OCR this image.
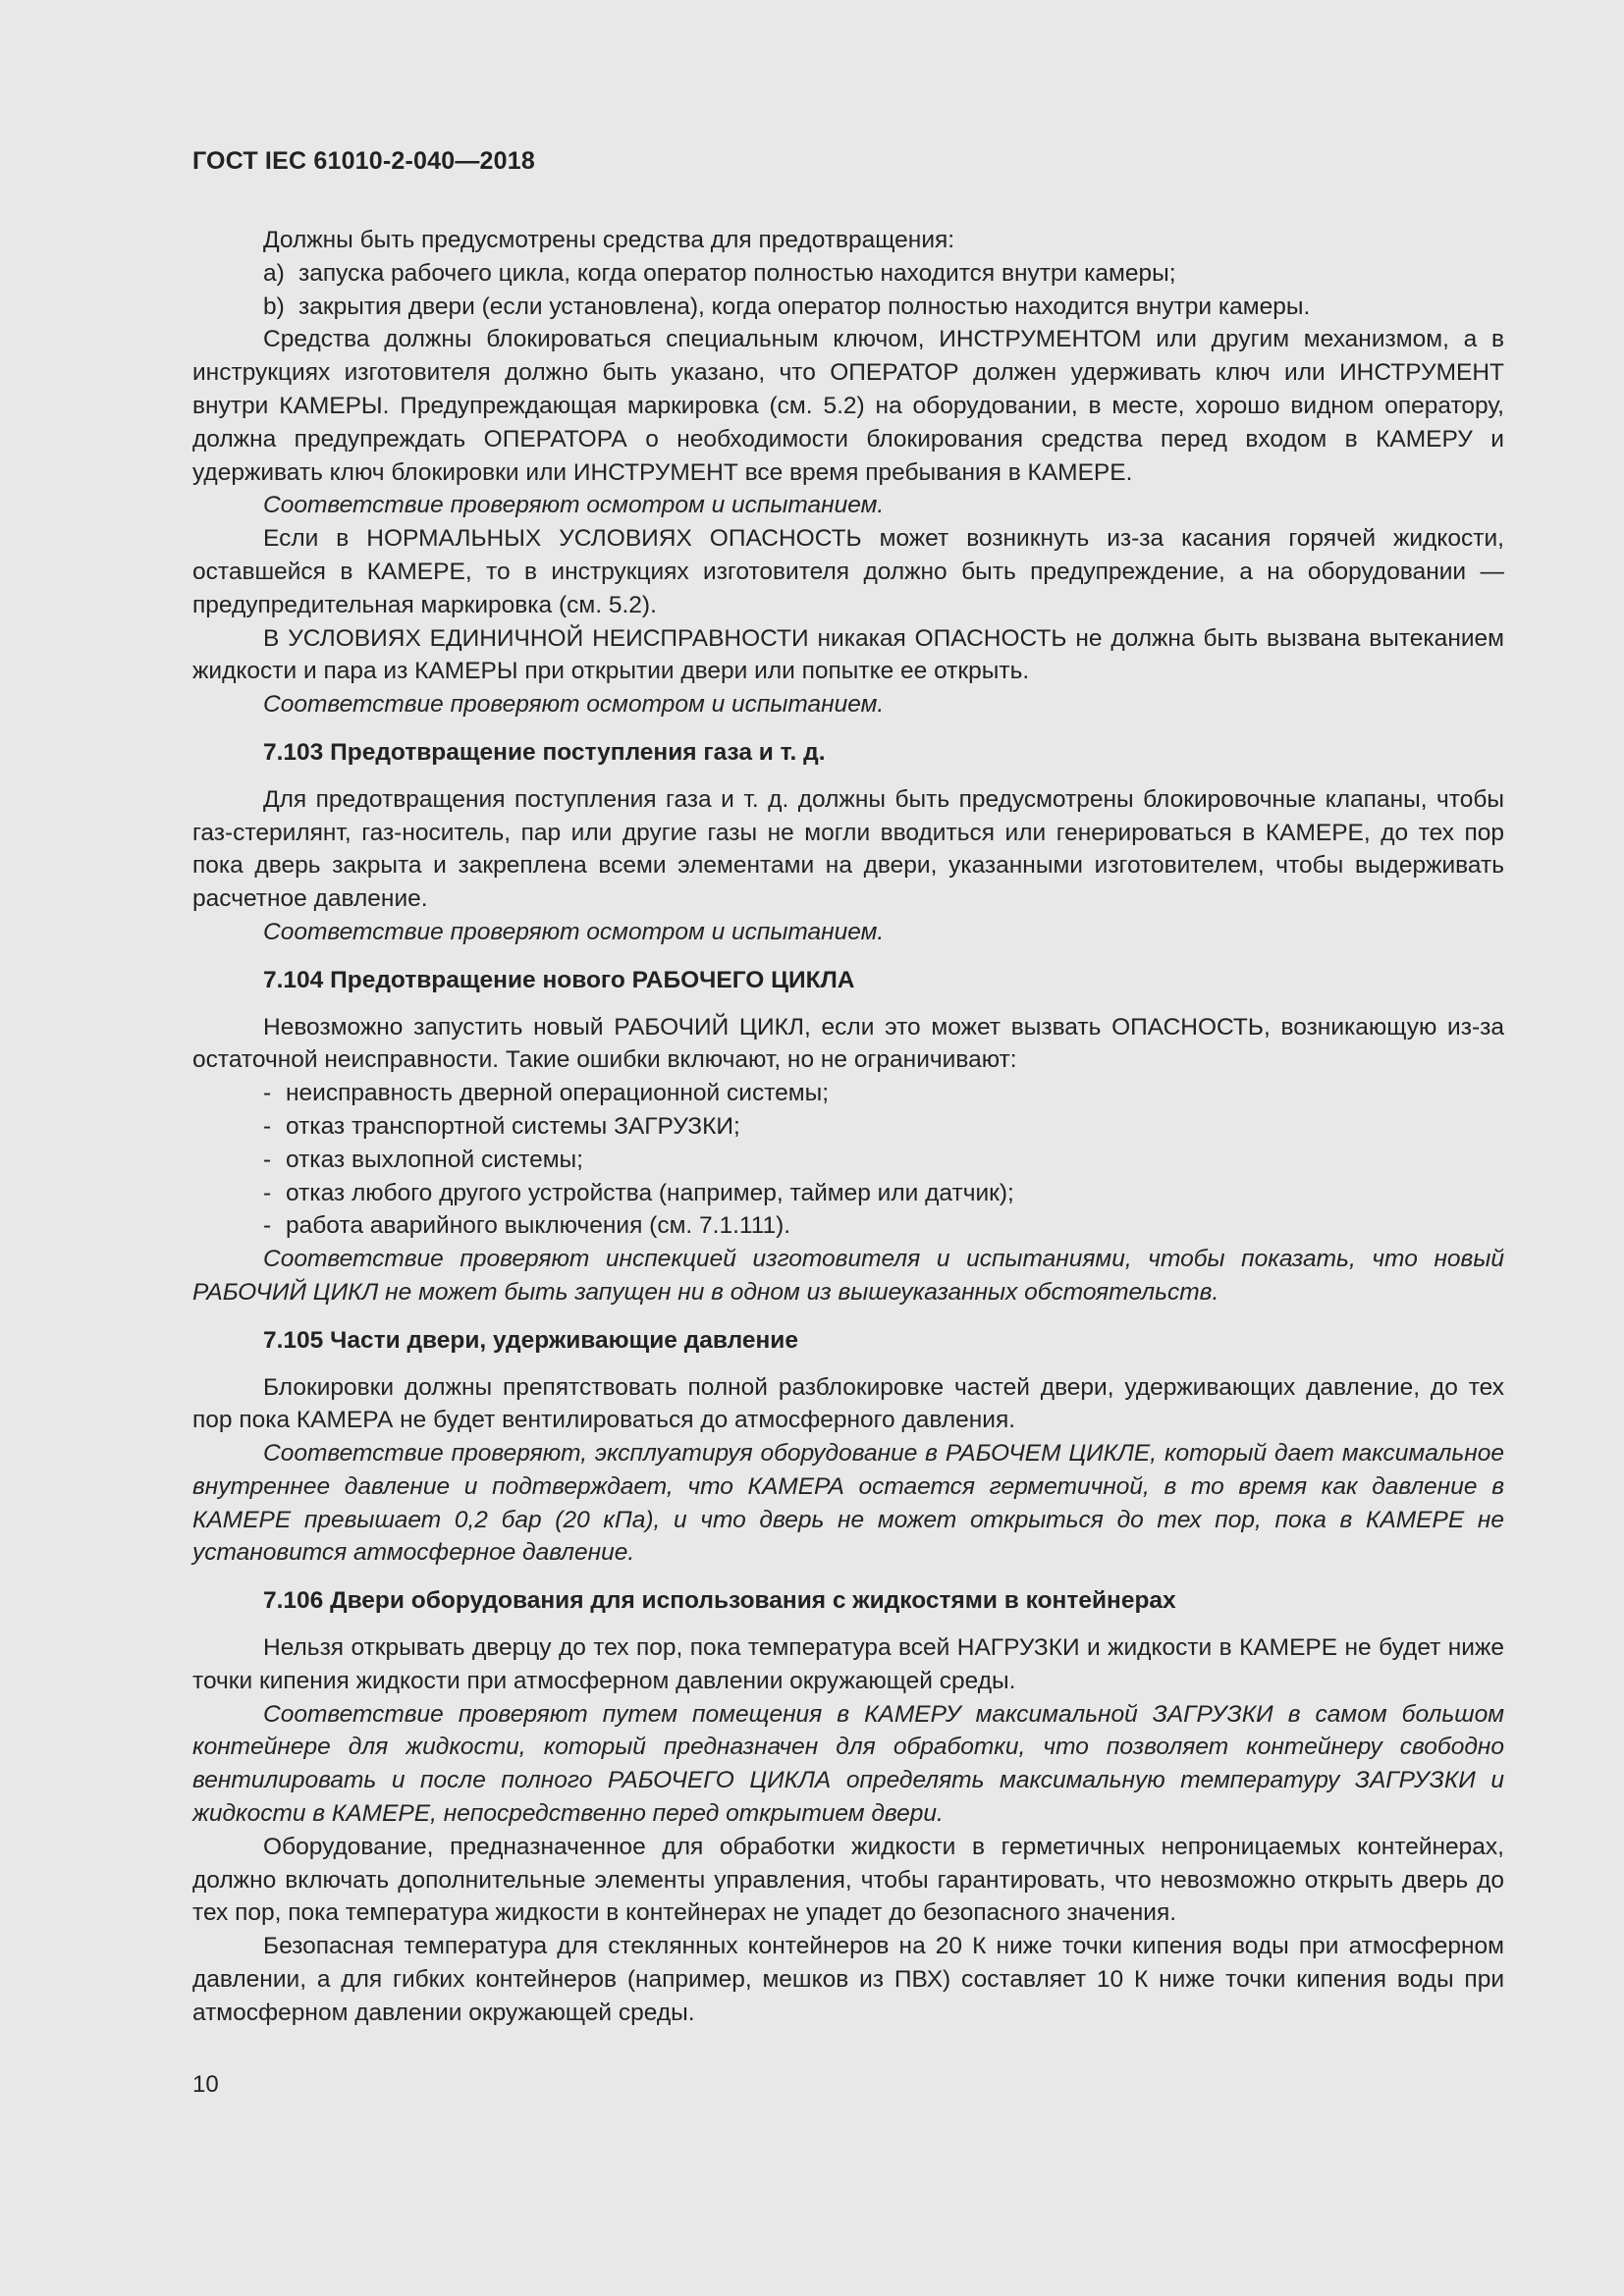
ГОСТ IEC 61010-2-040—2018

Должны быть предусмотрены средства для предотвращения:

a) запуска рабочего цикла, когда оператор полностью находится внутри камеры;
b) закрытия двери (если установлена), когда оператор полностью находится внутри камеры.

Средства должны блокироваться специальным ключом, ИНСТРУМЕНТОМ или другим механизмом, а в инструкциях изготовителя должно быть указано, что ОПЕРАТОР должен удерживать ключ или ИНСТРУМЕНТ внутри КАМЕРЫ. Предупреждающая маркировка (см. 5.2) на оборудовании, в месте, хорошо видном оператору, должна предупреждать ОПЕРАТОРА о необходимости блокирования средства перед входом в КАМЕРУ и удерживать ключ блокировки или ИНСТРУМЕНТ все время пребывания в КАМЕРЕ.

Соответствие проверяют осмотром и испытанием.

Если в НОРМАЛЬНЫХ УСЛОВИЯХ ОПАСНОСТЬ может возникнуть из-за касания горячей жидкости, оставшейся в КАМЕРЕ, то в инструкциях изготовителя должно быть предупреждение, а на оборудовании — предупредительная маркировка (см. 5.2).

В УСЛОВИЯХ ЕДИНИЧНОЙ НЕИСПРАВНОСТИ никакая ОПАСНОСТЬ не должна быть вызвана вытеканием жидкости и пара из КАМЕРЫ при открытии двери или попытке ее открыть.

Соответствие проверяют осмотром и испытанием.

7.103 Предотвращение поступления газа и т. д.

Для предотвращения поступления газа и т. д. должны быть предусмотрены блокировочные клапаны, чтобы газ-стерилянт, газ-носитель, пар или другие газы не могли вводиться или генерироваться в КАМЕРЕ, до тех пор пока дверь закрыта и закреплена всеми элементами на двери, указанными изготовителем, чтобы выдерживать расчетное давление.

Соответствие проверяют осмотром и испытанием.

7.104 Предотвращение нового РАБОЧЕГО ЦИКЛА

Невозможно запустить новый РАБОЧИЙ ЦИКЛ, если это может вызвать ОПАСНОСТЬ, возникающую из-за остаточной неисправности. Такие ошибки включают, но не ограничивают:

- неисправность дверной операционной системы;
- отказ транспортной системы ЗАГРУЗКИ;
- отказ выхлопной системы;
- отказ любого другого устройства (например, таймер или датчик);
- работа аварийного выключения (см. 7.1.111).

Соответствие проверяют инспекцией изготовителя и испытаниями, чтобы показать, что новый РАБОЧИЙ ЦИКЛ не может быть запущен ни в одном из вышеуказанных обстоятельств.

7.105 Части двери, удерживающие давление

Блокировки должны препятствовать полной разблокировке частей двери, удерживающих давление, до тех пор пока КАМЕРА не будет вентилироваться до атмосферного давления.

Соответствие проверяют, эксплуатируя оборудование в РАБОЧЕМ ЦИКЛЕ, который дает максимальное внутреннее давление и подтверждает, что КАМЕРА остается герметичной, в то время как давление в КАМЕРЕ превышает 0,2 бар (20 кПа), и что дверь не может открыться до тех пор, пока в КАМЕРЕ не установится атмосферное давление.

7.106 Двери оборудования для использования с жидкостями в контейнерах

Нельзя открывать дверцу до тех пор, пока температура всей НАГРУЗКИ и жидкости в КАМЕРЕ не будет ниже точки кипения жидкости при атмосферном давлении окружающей среды.

Соответствие проверяют путем помещения в КАМЕРУ максимальной ЗАГРУЗКИ в самом большом контейнере для жидкости, который предназначен для обработки, что позволяет контейнеру свободно вентилировать и после полного РАБОЧЕГО ЦИКЛА определять максимальную температуру ЗАГРУЗКИ и жидкости в КАМЕРЕ, непосредственно перед открытием двери.

Оборудование, предназначенное для обработки жидкости в герметичных непроницаемых контейнерах, должно включать дополнительные элементы управления, чтобы гарантировать, что невозможно открыть дверь до тех пор, пока температура жидкости в контейнерах не упадет до безопасного значения.

Безопасная температура для стеклянных контейнеров на 20 К ниже точки кипения воды при атмосферном давлении, а для гибких контейнеров (например, мешков из ПВХ) составляет 10 К ниже точки кипения воды при атмосферном давлении окружающей среды.

10
